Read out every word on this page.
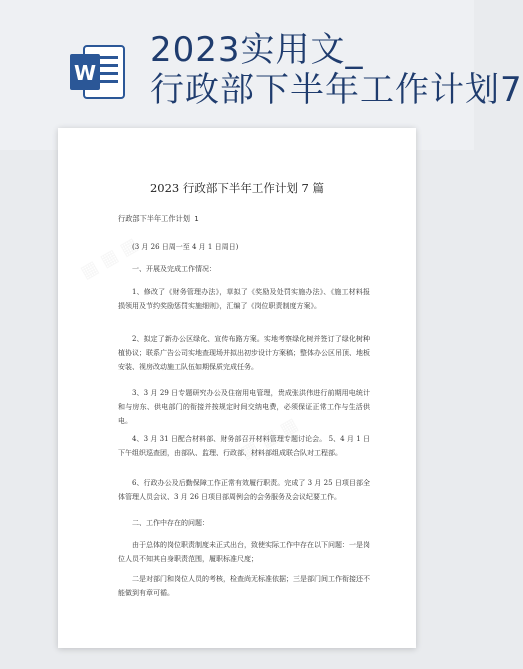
W
2023实用文_
行政部下半年工作计划7
2023 行政部下半年工作计划 7 篇
行政部下半年工作计划 1
(3 月 26 日周一至 4 月 1 日周日)
一、开展及完成工作情况：
1、修改了《财务管理办法》，草拟了《奖励及处罚实施办法》、《施工材料报损领用及节约奖励惩罚实施细则》，汇编了《岗位职责制度方案》。
2、拟定了新办公区绿化、宣传布路方案。实地考察绿化树并签订了绿化树种植协议；联系广告公司实地查现场并拟出初步设计方案稿；整体办公区吊顶、地板安装、视房改动施工队伍如期保质完成任务。
3、3 月 29 日专题研究办公及住宿用电管理，贵成张洪伟进行前期用电统计和与房东、供电部门的衔接并按规定时间交纳电费，必须保证正常工作与生活供电。
4、3 月 31 日配合材料部、财务部召开材料管理专题讨论会。 5、4 月 1 日下午组织巡查团，由部队、监理、行政部、材料部组成联合队对工程部。
6、行政办公及后勤保障工作正常有效履行职责。完成了 3 月 25 日项目部全体管理人员会议、3 月 26 日项目部周例会的会务服务及会议纪要工作。
二、工作中存在的问题：
由于总体的岗位职责制度未正式出台，致使实际工作中存在以下问题：一是岗位人员不知其自身职责范围，履职标准尺度；
二是对部门和岗位人员的考核，检查尚无标准依据；三是部门间工作衔接还不能做到有章可循。
